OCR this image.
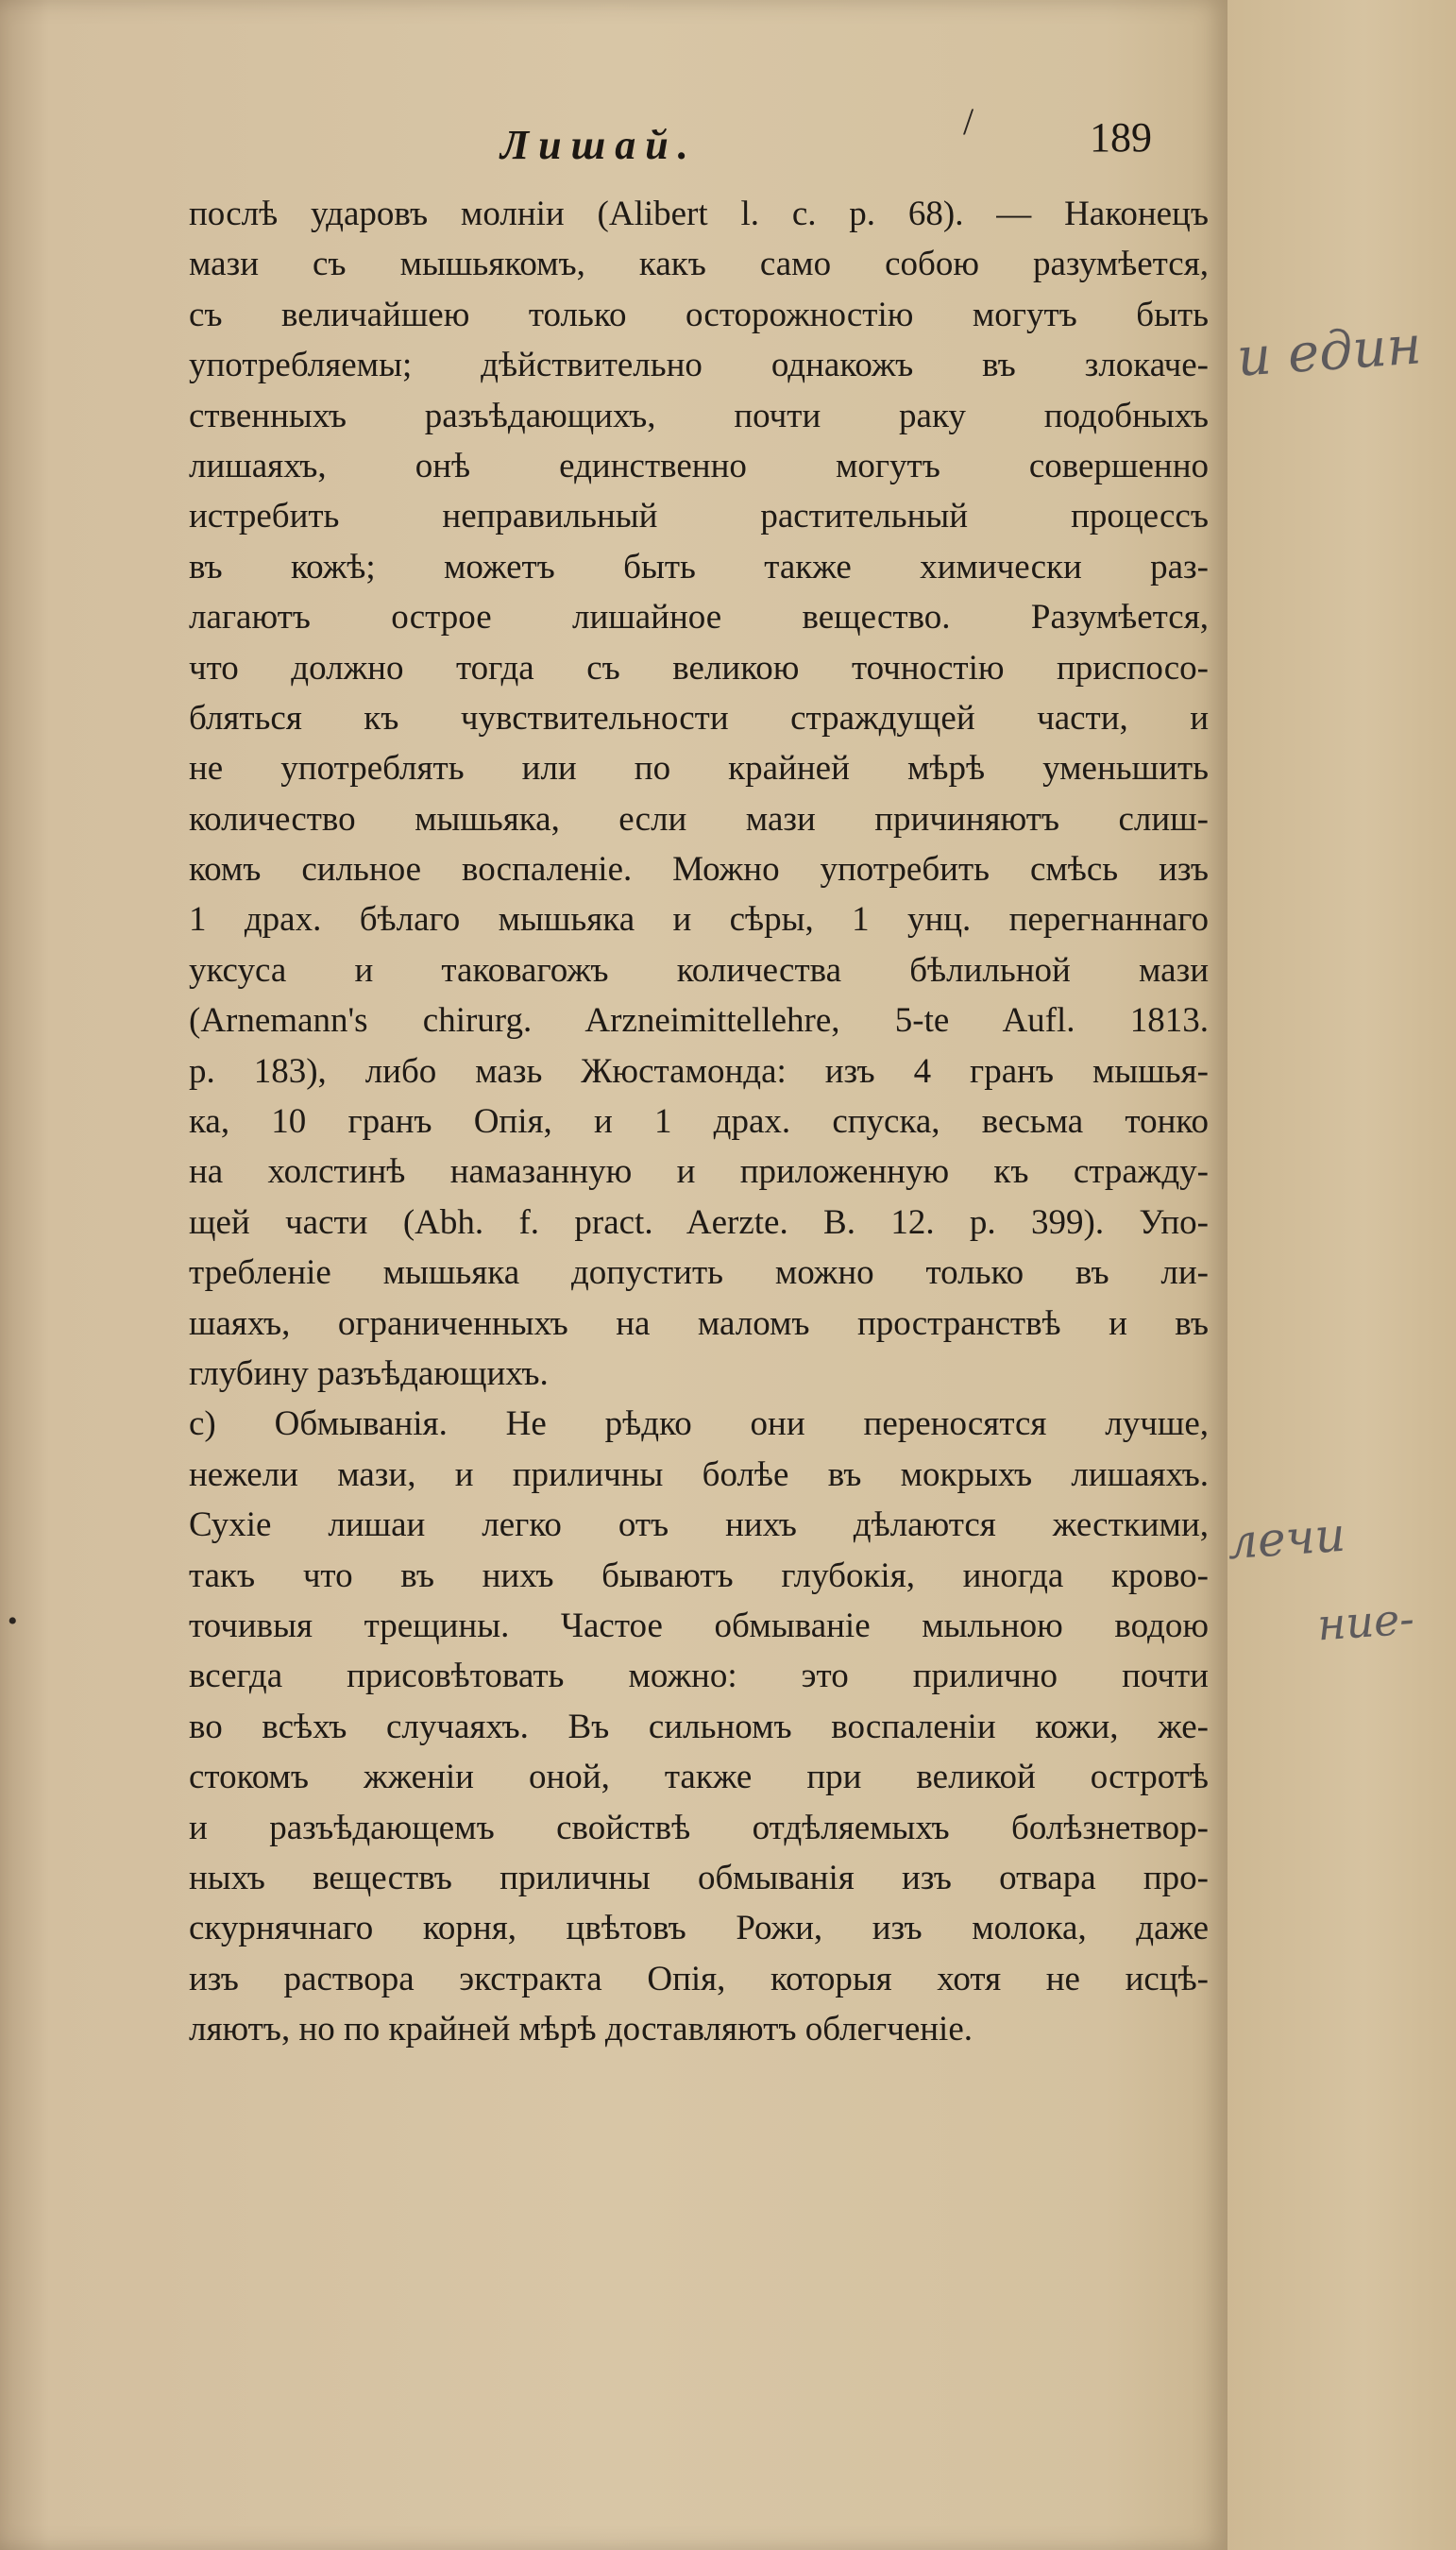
/
•
Лишай.	189
послѣ ударовъ молніи (Alibert l. c. p. 68). — Наконецъ
мази съ мышьякомъ, какъ само собою разумѣется,
съ величайшею только осторожностію могутъ быть
употребляемы; дѣйствительно однакожъ въ злокаче-
ственныхъ разъѣдающихъ, почти раку подобныхъ
лишаяхъ, онѣ единственно могутъ совершенно
истребить неправильный растительный процессъ
въ кожѣ; можетъ быть также химически раз-
лагаютъ острое лишайное вещество. Разумѣется,
что должно тогда съ великою точностію приспосо-
бляться къ чувствительности страждущей части, и
не употреблять или по крайней мѣрѣ уменьшить
количество мышьяка, если мази причиняютъ слиш-
комъ сильное воспаленіе. Можно употребить смѣсь изъ
1 драх. бѣлаго мышьяка и сѣры, 1 унц. перегнаннаго
уксуса и таковагожъ количества бѣлильной мази
(Arnemann's chirurg. Arzneimittellehre, 5-te Aufl. 1813.
p. 183), либо мазь Жюстамонда: изъ 4 гранъ мышья-
ка, 10 гранъ Опія, и 1 драх. спуска, весьма тонко
на холстинѣ намазанную и приложенную къ стражду-
щей части (Abh. f. pract. Aerzte. B. 12. p. 399). Упо-
требленіе мышьяка допустить можно только въ ли-
шаяхъ, ограниченныхъ на маломъ пространствѣ и въ
глубину разъѣдающихъ.
c) Обмыванія. Не рѣдко они переносятся лучше,
нежели мази, и приличны болѣе въ мокрыхъ лишаяхъ.
Сухіе лишаи легко отъ нихъ дѣлаются жесткими,
такъ что въ нихъ бываютъ глубокія, иногда крово-
точивыя трещины. Частое обмываніе мыльною водою
всегда присовѣтовать можно: это прилично почти
во всѣхъ случаяхъ. Въ сильномъ воспаленіи кожи, же-
стокомъ жженіи оной, также при великой остротѣ
и разъѣдающемъ свойствѣ отдѣляемыхъ болѣзнетвор-
ныхъ веществъ приличны обмыванія изъ отвара про-
скурнячнаго корня, цвѣтовъ Рожи, изъ молока, даже
изъ раствора экстракта Опія, которыя хотя не исцѣ-
ляютъ, но по крайней мѣрѣ доставляютъ облегченіе.
и един
лечи
ние-
